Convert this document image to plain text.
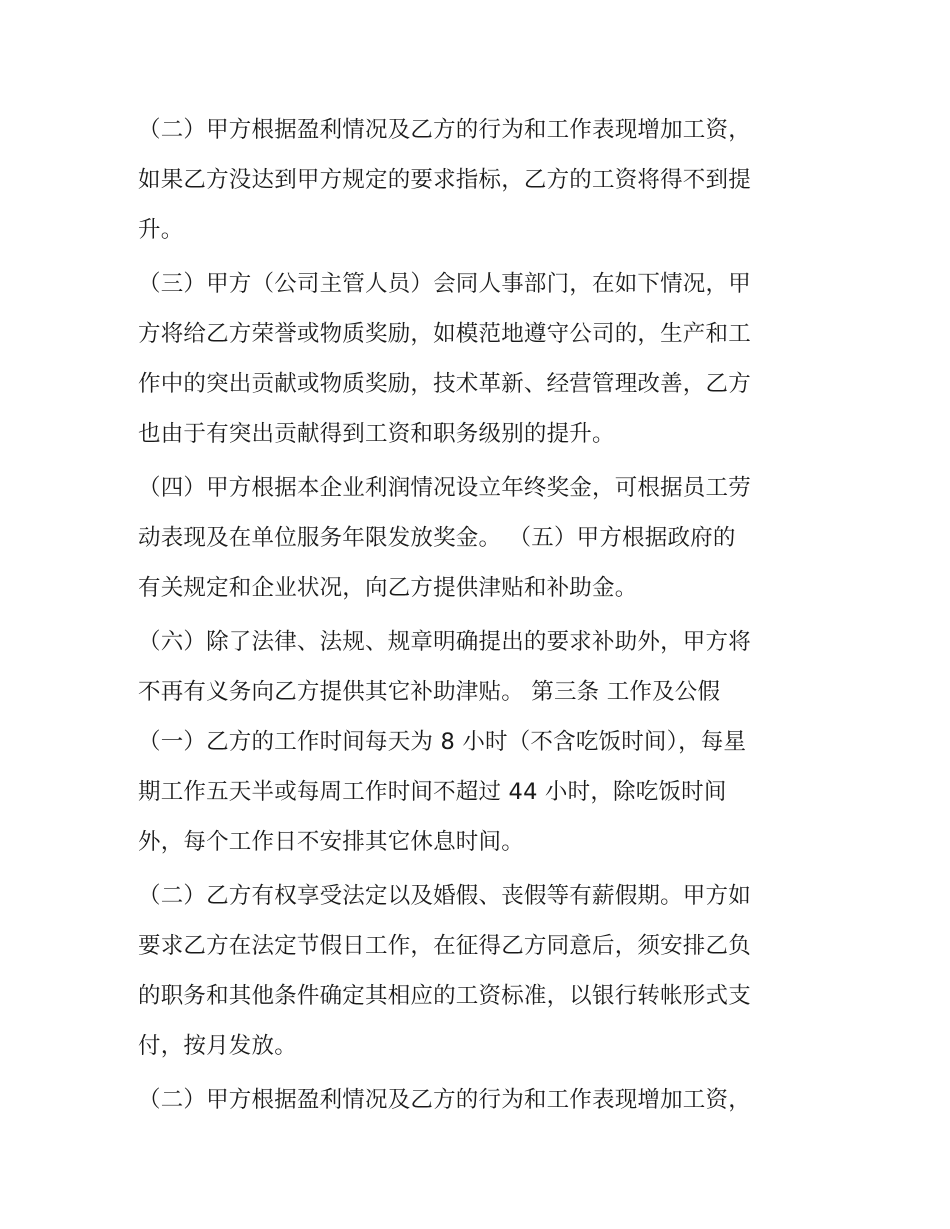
（二）甲方根据盈利情况及乙方的行为和工作表现增加工资，
如果乙方没达到甲方规定的要求指标，乙方的工资将得不到提
升。
（三）甲方（公司主管人员）会同人事部门，在如下情况，甲
方将给乙方荣誉或物质奖励，如模范地遵守公司的，生产和工
作中的突出贡献或物质奖励，技术革新、经营管理改善，乙方
也由于有突出贡献得到工资和职务级别的提升。
（四）甲方根据本企业利润情况设立年终奖金，可根据员工劳
动表现及在单位服务年限发放奖金。 （五）甲方根据政府的
有关规定和企业状况，向乙方提供津贴和补助金。
（六）除了法律、法规、规章明确提出的要求补助外，甲方将
不再有义务向乙方提供其它补助津贴。 第三条 工作及公假
（一）乙方的工作时间每天为 8 小时（不含吃饭时间），每星
期工作五天半或每周工作时间不超过 44 小时，除吃饭时间
外，每个工作日不安排其它休息时间。
（二）乙方有权享受法定以及婚假、丧假等有薪假期。甲方如
要求乙方在法定节假日工作，在征得乙方同意后，须安排乙负
的职务和其他条件确定其相应的工资标准，以银行转帐形式支
付，按月发放。
（二）甲方根据盈利情况及乙方的行为和工作表现增加工资，
